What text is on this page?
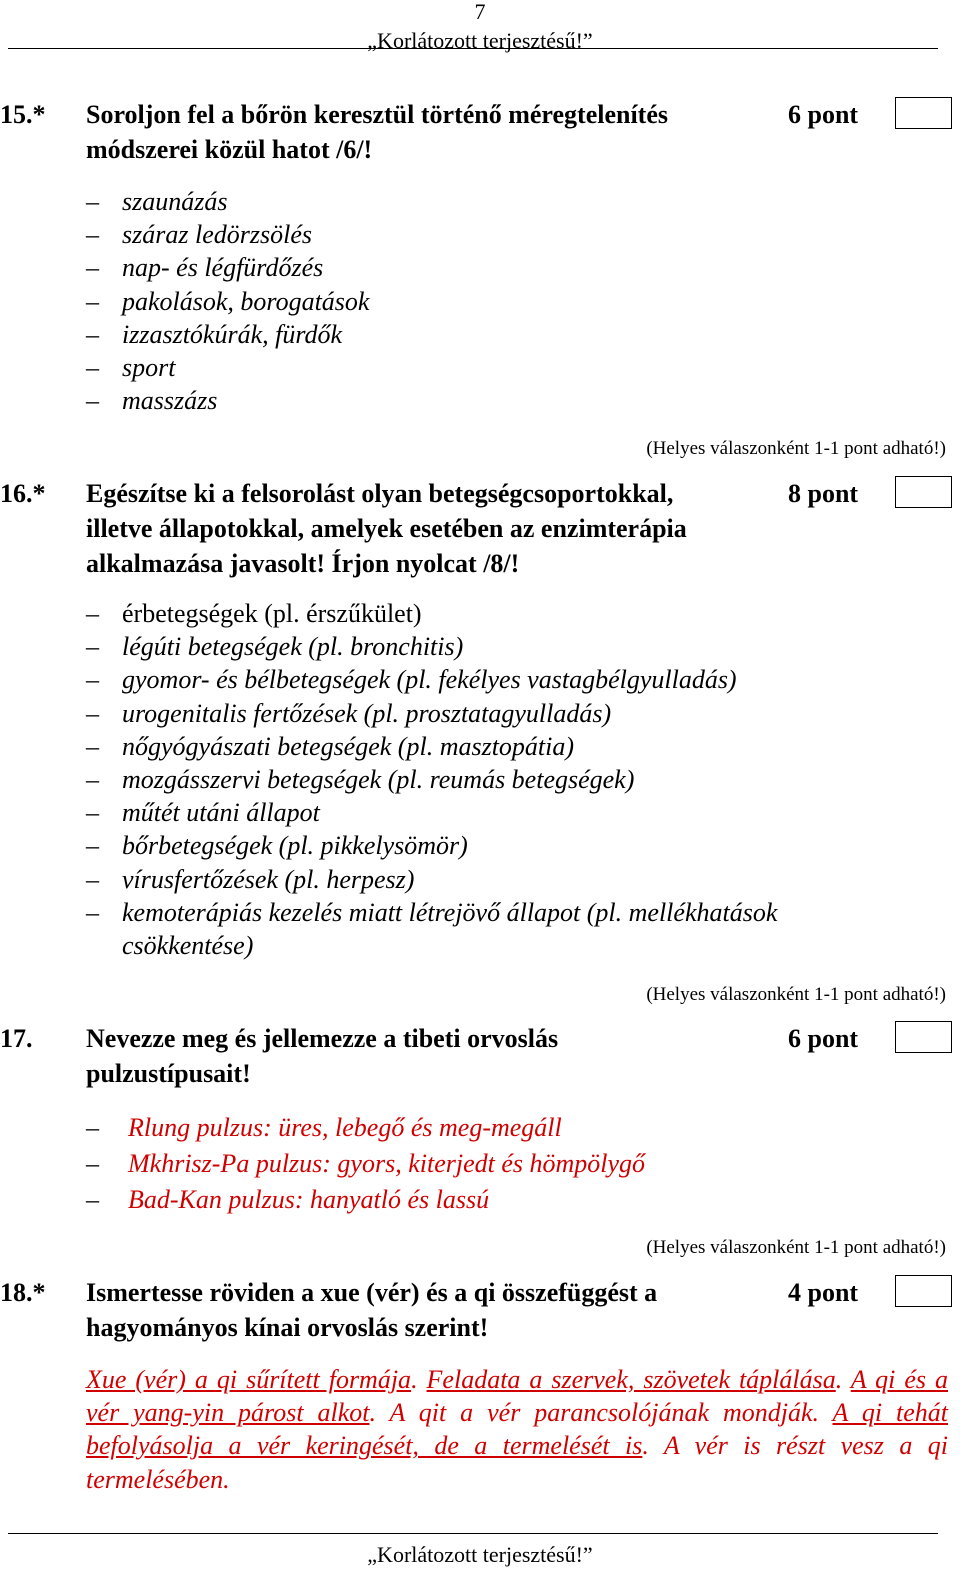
7
„Korlátozott terjesztésű!”
15.* Soroljon fel a bőrön keresztül történő méregtelenítés
módszerei közül hatot /6/!
6 pont
– szaunázás
– száraz ledörzsölés
– nap- és légfürdőzés
– pakolások, borogatások
– izzasztókúrák, fürdők
– sport
– masszázs
(Helyes válaszonként 1-1 pont adható!)
16.* Egészítse ki a felsorolást olyan betegségcsoportokkal,
illetve állapotokkal, amelyek esetében az enzimterápia
alkalmazása javasolt! Írjon nyolcat /8/!
8 pont
– érbetegségek (pl. érszűkület)
– légúti betegségek (pl. bronchitis)
– gyomor- és bélbetegségek (pl. fekélyes vastagbélgyulladás)
– urogenitalis fertőzések (pl. prosztatagyulladás)
– nőgyógyászati betegségek (pl. masztopátia)
– mozgásszervi betegségek (pl. reumás betegségek)
– műtét utáni állapot
– bőrbetegségek (pl. pikkelysömör)
– vírusfertőzések (pl. herpesz)
– kemoterápiás kezelés miatt létrejövő állapot (pl. mellékhatások csökkentése)
(Helyes válaszonként 1-1 pont adható!)
17. Nevezze meg és jellemezze a tibeti orvoslás
pulzustípusait!
6 pont
– Rlung pulzus: üres, lebegő és meg-megáll
– Mkhrisz-Pa pulzus: gyors, kiterjedt és hömpölygő
– Bad-Kan pulzus: hanyatló és lassú
(Helyes válaszonként 1-1 pont adható!)
18.* Ismertesse röviden a xue (vér) és a qi összefüggést a
hagyományos kínai orvoslás szerint!
4 pont
Xue (vér) a qi sűrített formája. Feladata a szervek, szövetek táplálása. A qi és a vér yang-yin párost alkot. A qit a vér parancsolójának mondják. A qi tehát befolyásolja a vér keringését, de a termelését is. A vér is részt vesz a qi termelésében.
„Korlátozott terjesztésű!”
